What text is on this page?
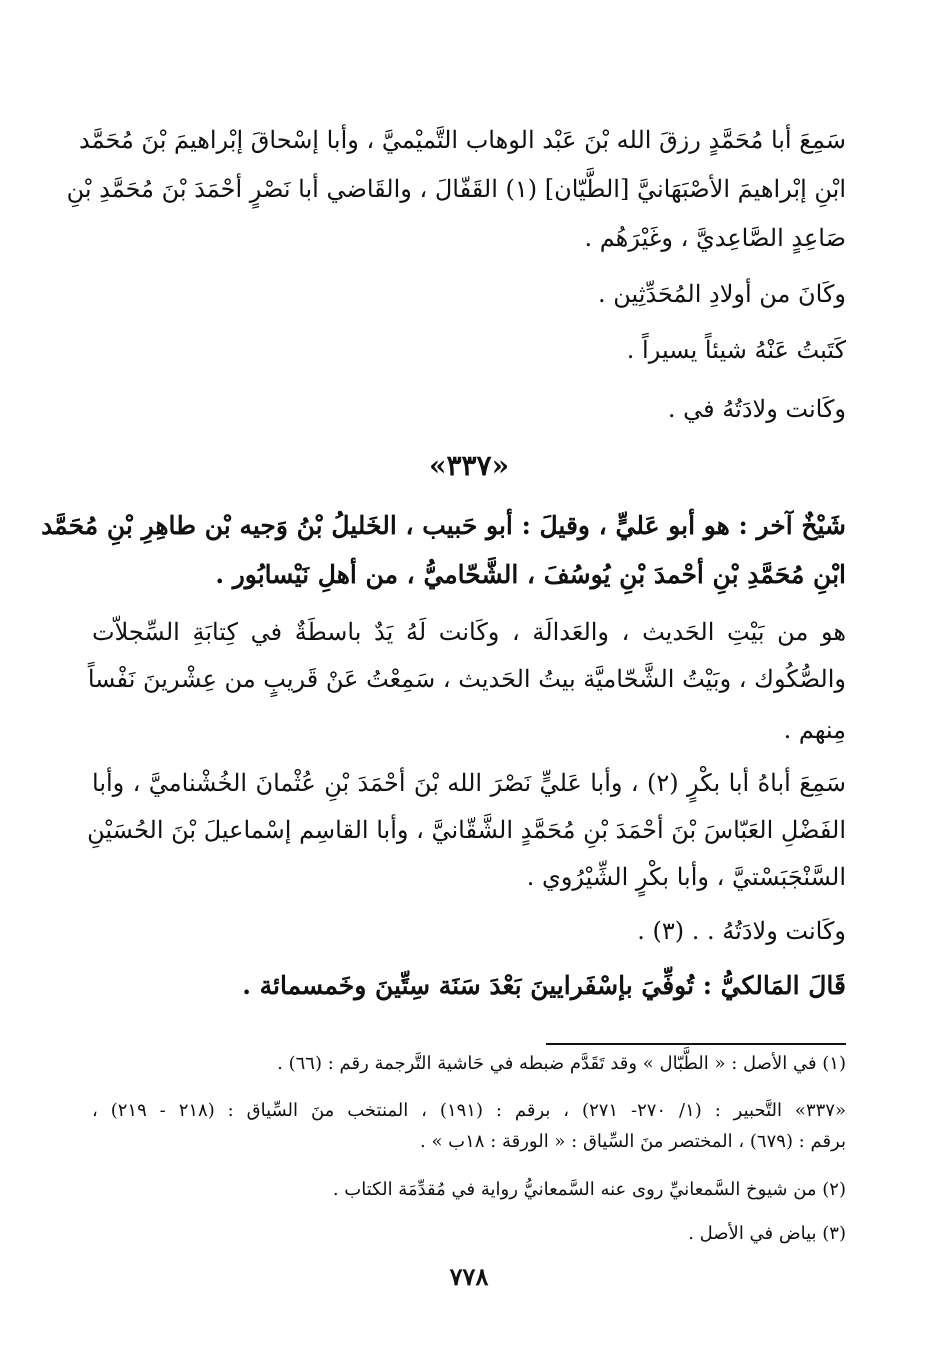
سَمِعَ أبا مُحَمَّدٍ رزقَ الله بْنَ عَبْد الوهاب التَّميْميَّ ، وأبا إسْحاقَ إبْراهيمَ بْنَ مُحَمَّد
ابْنِ إبْراهيمَ الأصْبَهَانيَّ [الطَّيّان] (١) القَفّالَ ، والقَاضي أبا نَصْرٍ أحْمَدَ بْنَ مُحَمَّدِ بْنِ
صَاعِدٍ الصَّاعِديَّ ، وغَيْرَهُم .
وكَانَ من أولادِ المُحَدِّثِين .
كَتَبتُ عَنْهُ شيئاً يسيراً .
وكَانت ولادَتُهُ في .
«٣٣٧»
شَيْخٌ آخر : هو أبو عَليٍّ ، وقيلَ : أبو حَبيب ، الخَليلُ بْنُ وَجيه بْن طاهِرِ بْنِ مُحَمَّد
ابْنِ مُحَمَّدِ بْنِ أحْمدَ بْنِ يُوسُفَ ، الشَّحّاميُّ ، من أهلِ نَيْسابُور .
هو من بَيْتِ الحَديث ، والعَدالَة ، وكَانت لَهُ يَدٌ باسطَةٌ في كِتابَةِ السِّجلاّت
والصُّكُوك ، وبَيْتُ الشَّحّاميَّة بيتُ الحَديث ، سَمِعْتُ عَنْ قَريبٍ من عِشْرينَ نَفْساً
مِنهم .
سَمِعَ أباهُ أبا بكْرٍ (٢) ، وأبا عَليٍّ نَصْرَ الله بْنَ أحْمَدَ بْنِ عُثْمانَ الخُشْناميَّ ، وأبا
الفَضْلِ العَبّاسَ بْنَ أحْمَدَ بْنِ مُحَمَّدٍ الشَّقّانيَّ ، وأبا القاسِم إسْماعيلَ بْنَ الحُسَيْنِ
السَّنْجَبَسْتيَّ ، وأبا بكْرٍ الشِّيْرُوي .
وكَانت ولادَتُهُ . . (٣) .
قَالَ المَالكيُّ : تُوفِّيَ بإسْفَرايينَ بَعْدَ سَنَة سِتِّينَ وخَمسمائة .
(١) في الأصل : « الطَّبّال » وقد تَقَدَّم ضبطه في حَاشية التَّرجمة رقم : (٦٦) .
«٣٣٧» التَّحبير : (١/ ٢٧٠- ٢٧١) ، برقم : (١٩١) ، المنتخب منَ السِّياق : (٢١٨ - ٢١٩) ،
برقم : (٦٧٩) ، المختصر منَ السِّياق : « الورقة : ١٨ب » .
(٢) من شيوخ السَّمعانيِّ روى عنه السَّمعانيُّ رواية في مُقدِّمَة الكتاب .
(٣) بياض في الأصل .
٧٧٨
